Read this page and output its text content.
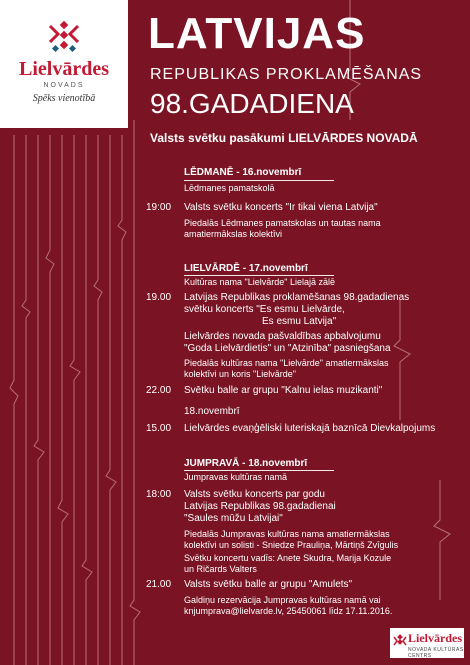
Lielvārdes
NOVADS
Spēks vienotībā
LATVIJAS
REPUBLIKAS PROKLAMĒŠANAS
98.GADADIENA
Valsts svētku pasākumi LIELVĀRDES NOVADĀ
LĒDMANĒ - 16.novembrī
Lēdmanes pamatskolā
19:00 Valsts svētku koncerts "Ir tikai viena Latvija"
Piedalās Lēdmanes pamatskolas un tautas nama
amatiermākslas kolektīvi
LIELVĀRDĒ - 17.novembrī
Kultūras nama "Lielvārde" Lielajā zālē
19.00 Latvijas Republikas proklamēšanas 98.gadadienas
svētku koncerts "Es esmu Lielvārde,
Es esmu Latvija"
Lielvārdes novada pašvaldības apbalvojumu
"Goda Lielvārdietis" un "Atzinība" pasniegšana
Piedalās kultūras nama "Lielvārde" amatiermākslas
kolektīvi un koris "Lielvārde"
22.00 Svētku balle ar grupu "Kalnu ielas muzikanti"
18.novembrī
15.00 Lielvārdes evaņģēliski luteriskajā baznīcā Dievkalpojums
JUMPRAVĀ - 18.novembrī
Jumpravas kultūras namā
18:00 Valsts svētku koncerts par godu
Latvijas Republikas 98.gadadienai
"Saules mūžu Latvijai"
Piedalās Jumpravas kultūras nama amatiermākslas
kolektīvi un solisti - Sniedze Prauliņa, Mārtiņš Zvīgulis
Svētku koncertu vadīs: Anete Skudra, Marija Kozule
un Ričards Valters
21.00 Valsts svētku balle ar grupu "Amulets"
Galdiņu rezervācija Jumpravas kultūras namā vai
knjumprava@lielvarde.lv, 25450061 līdz 17.11.2016.
Lielvārdes
NOVADA KULTŪRAS CENTRS
